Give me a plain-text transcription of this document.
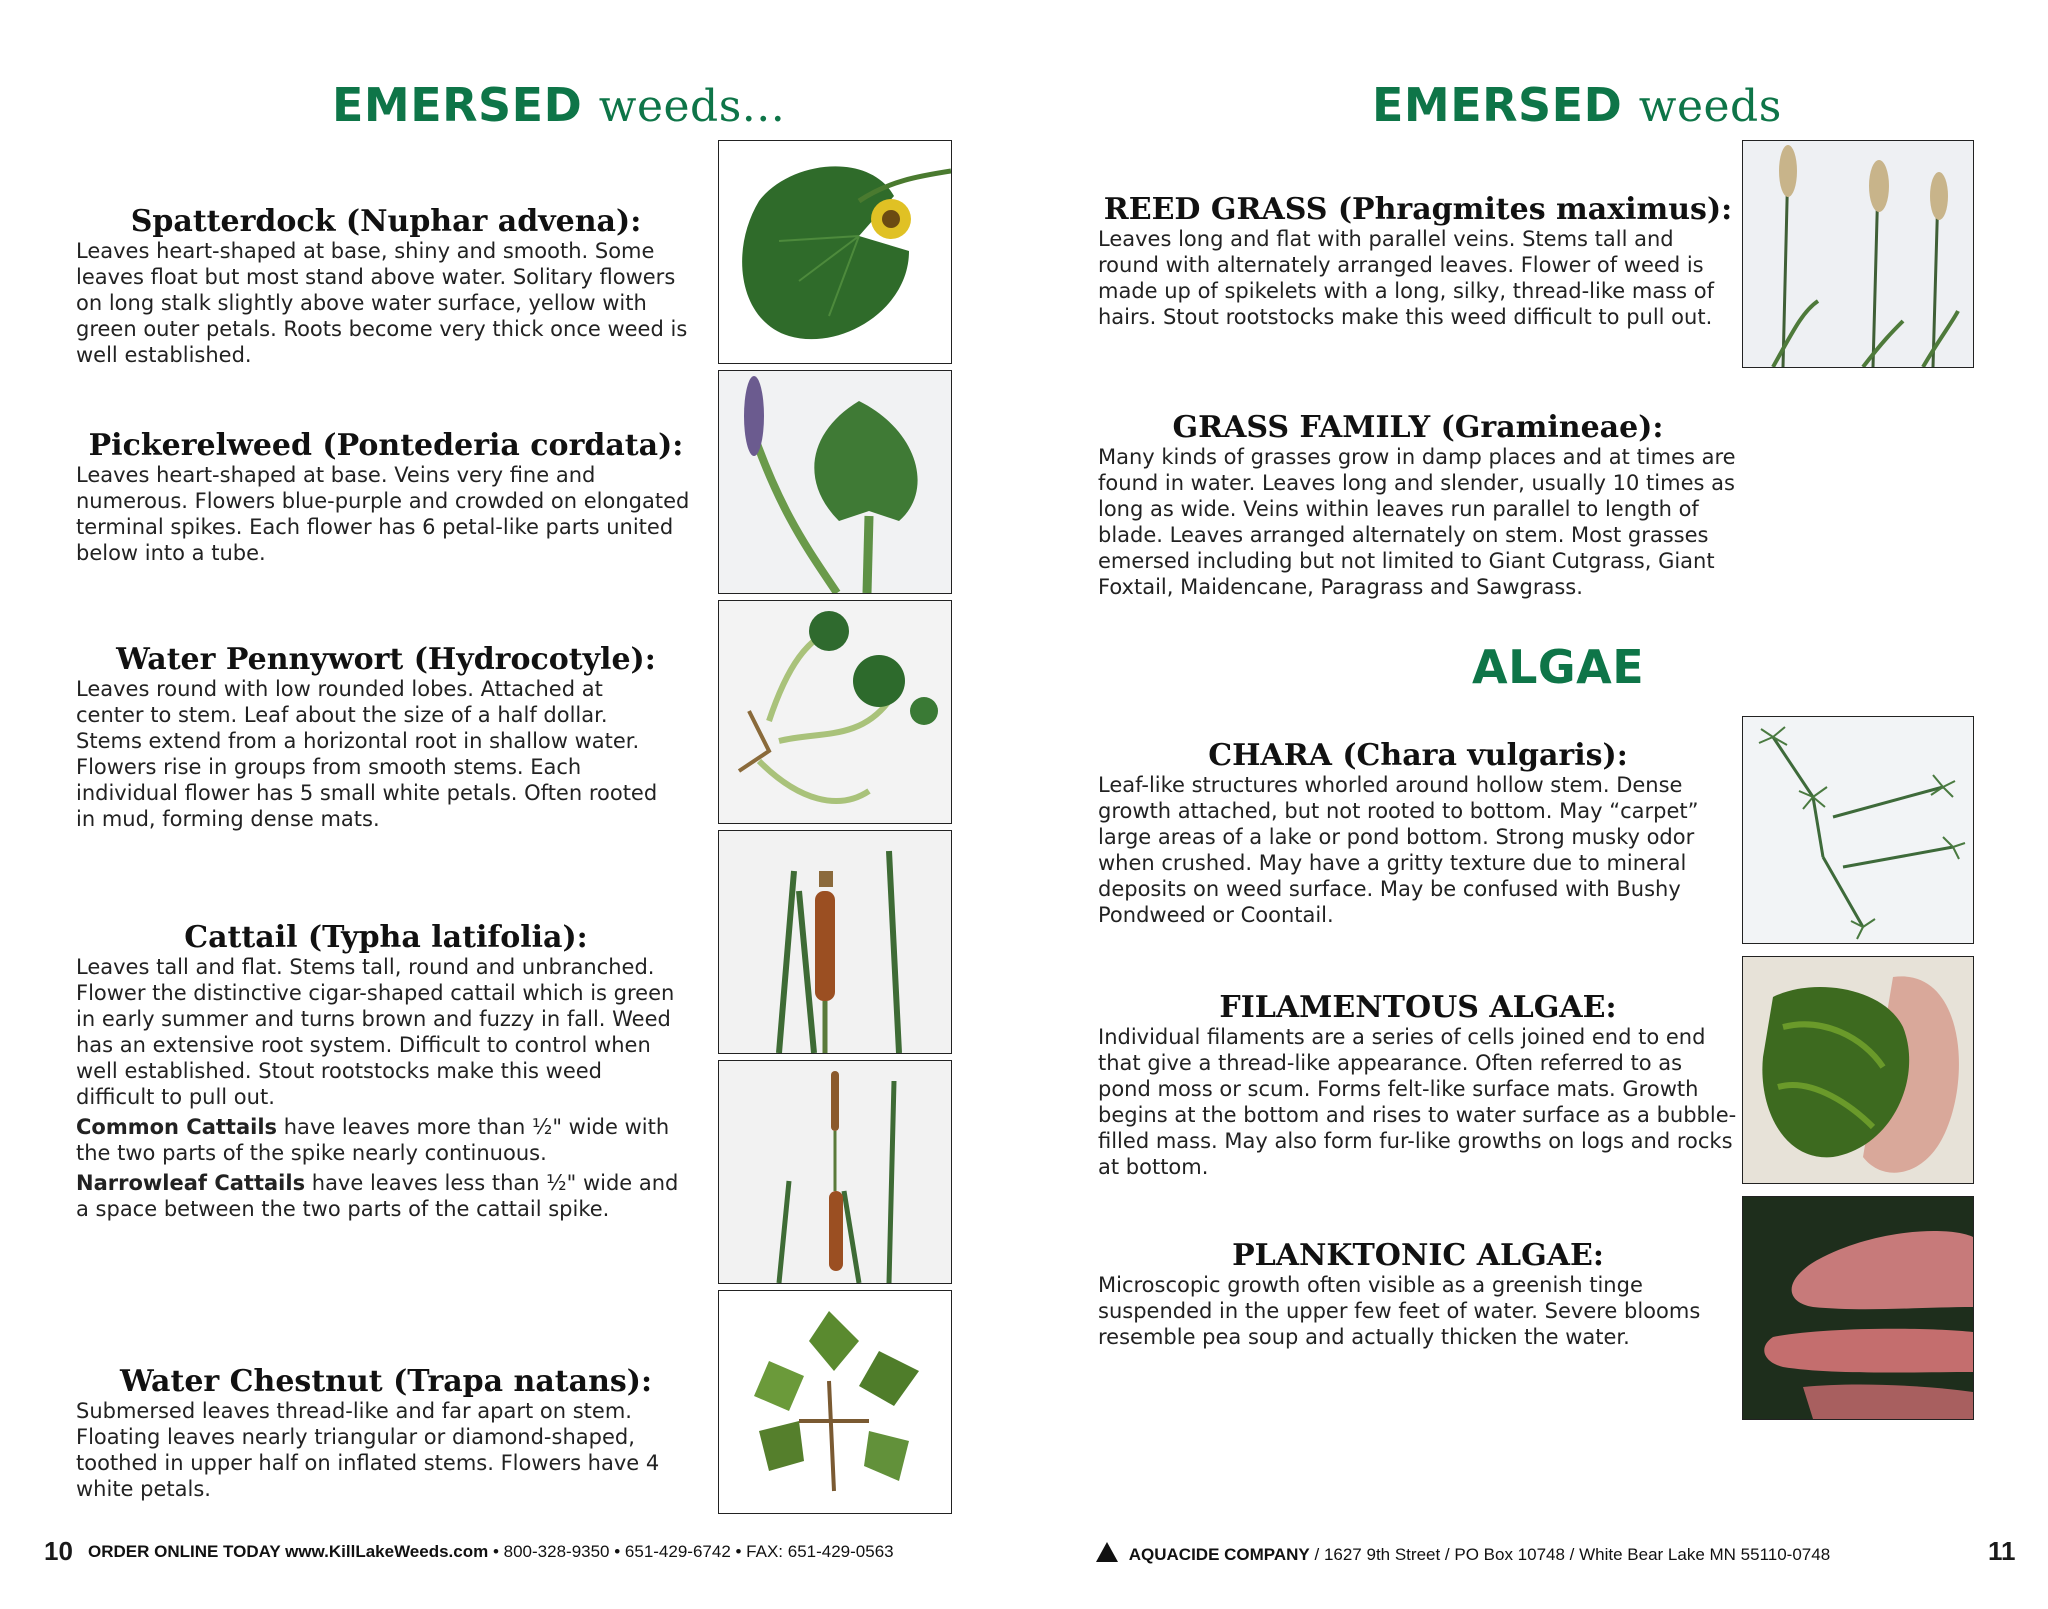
EMERSED weeds...	EMERSED weeds
Spatterdock (Nuphar advena):
Leaves heart-shaped at base, shiny and smooth. Some leaves float but most stand above water. Solitary flowers on long stalk slightly above water surface, yellow with green outer petals. Roots become very thick once weed is well established.
Pickerelweed (Pontederia cordata):
Leaves heart-shaped at base. Veins very fine and numerous. Flowers blue-purple and crowded on elongated terminal spikes. Each flower has 6 petal-like parts united below into a tube.
Water Pennywort (Hydrocotyle):
Leaves round with low rounded lobes. Attached at center to stem. Leaf about the size of a half dollar. Stems extend from a horizontal root in shallow water. Flowers rise in groups from smooth stems. Each individual flower has 5 small white petals. Often rooted in mud, forming dense mats.
Cattail (Typha latifolia):
Leaves tall and flat. Stems tall, round and unbranched. Flower the distinctive cigar-shaped cattail which is green in early summer and turns brown and fuzzy in fall. Weed has an extensive root system. Difficult to control when well established. Stout rootstocks make this weed difficult to pull out.
Common Cattails have leaves more than ½" wide with the two parts of the spike nearly continuous.
Narrowleaf Cattails have leaves less than ½" wide and a space between the two parts of the cattail spike.
Water Chestnut (Trapa natans):
Submersed leaves thread-like and far apart on stem. Floating leaves nearly triangular or diamond-shaped, toothed in upper half on inflated stems. Flowers have 4 white petals.
REED GRASS (Phragmites maximus):
Leaves long and flat with parallel veins. Stems tall and round with alternately arranged leaves. Flower of weed is made up of spikelets with a long, silky, thread-like mass of hairs. Stout rootstocks make this weed difficult to pull out.
GRASS FAMILY (Gramineae):
Many kinds of grasses grow in damp places and at times are found in water. Leaves long and slender, usually 10 times as long as wide. Veins within leaves run parallel to length of blade. Leaves arranged alternately on stem. Most grasses emersed including but not limited to Giant Cutgrass, Giant Foxtail, Maidencane, Paragrass and Sawgrass.
ALGAE
CHARA (Chara vulgaris):
Leaf-like structures whorled around hollow stem. Dense growth attached, but not rooted to bottom. May “carpet” large areas of a lake or pond bottom. Strong musky odor when crushed. May have a gritty texture due to mineral deposits on weed surface. May be confused with Bushy Pondweed or Coontail.
FILAMENTOUS ALGAE:
Individual filaments are a series of cells joined end to end that give a thread-like appearance. Often referred to as pond moss or scum. Forms felt-like surface mats. Growth begins at the bottom and rises to water surface as a bubble-filled mass. May also form fur-like growths on logs and rocks at bottom.
PLANKTONIC ALGAE:
Microscopic growth often visible as a greenish tinge suspended in the upper few feet of water. Severe blooms resemble pea soup and actually thicken the water.
10 ORDER ONLINE TODAY www.KillLakeWeeds.com • 800-328-9350 • 651-429-6742 • FAX: 651-429-0563	AQUACIDE COMPANY / 1627 9th Street / PO Box 10748 / White Bear Lake MN 55110-0748	11
